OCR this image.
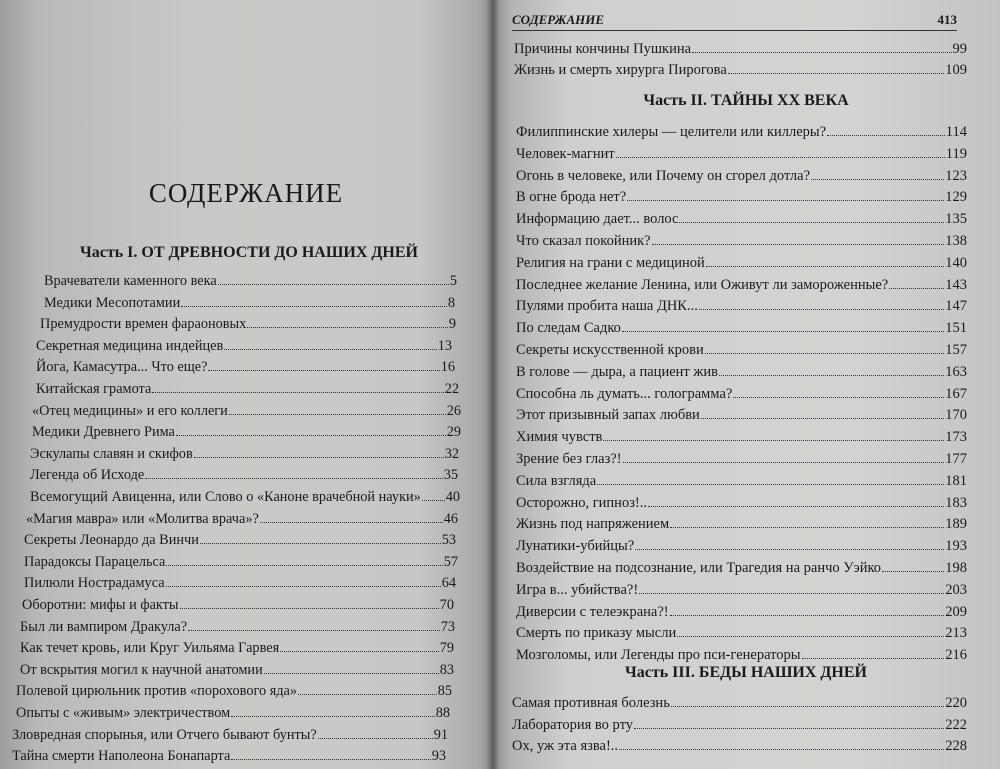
СОДЕРЖАНИЕ
Часть I. ОТ ДРЕВНОСТИ ДО НАШИХ ДНЕЙ
Врачеватели каменного века	5
Медики Месопотамии	8
Премудрости времен фараоновых	9
Секретная медицина индейцев	13
Йога, Камасутра... Что еще?	16
Китайская грамота	22
«Отец медицины» и его коллеги	26
Медики Древнего Рима	29
Эскулапы славян и скифов	32
Легенда об Исходе	35
Всемогущий Авиценна, или Слово о «Каноне врачебной науки» 40
«Магия мавра» или «Молитва врача»?	46
Секреты Леонардо да Винчи	53
Парадоксы Парацельса	57
Пилюли Нострадамуса	64
Оборотни: мифы и факты	70
Был ли вампиром Дракула?	73
Как течет кровь, или Круг Уильяма Гарвея	79
От вскрытия могил к научной анатомии	83
Полевой цирюльник против «порохового яда»	85
Опыты с «живым» электричеством	88
Зловредная спорынья, или Отчего бывают бунты?	91
Тайна смерти Наполеона Бонапарта	93
СОДЕРЖАНИЕ	413
Причины кончины Пушкина	99
Жизнь и смерть хирурга Пирогова	109
Часть II. ТАЙНЫ XX ВЕКА
Филиппинские хилеры — целители или киллеры?	114
Человек-магнит	119
Огонь в человеке, или Почему он сгорел дотла?	123
В огне брода нет?	129
Информацию дает... волос	135
Что сказал покойник?	138
Религия на грани с медициной	140
Последнее желание Ленина, или Оживут ли замороженные?	143
Пулями пробита наша ДНК...	147
По следам Садко	151
Секреты искусственной крови	157
В голове — дыра, а пациент жив	163
Способна ль думать... голограмма?	167
Этот призывный запах любви	170
Химия чувств	173
Зрение без глаз?!	177
Сила взгляда	181
Осторожно, гипноз!..	183
Жизнь под напряжением	189
Лунатики-убийцы?	193
Воздействие на подсознание, или Трагедия на ранчо Уэйко	198
Игра в... убийства?!	203
Диверсии с телеэкрана?!	209
Смерть по приказу мысли	213
Мозголомы, или Легенды про пси-генераторы	216
Часть III. БЕДЫ НАШИХ ДНЕЙ
Самая противная болезнь	220
Лаборатория во рту	222
Ох, уж эта язва!..	228
